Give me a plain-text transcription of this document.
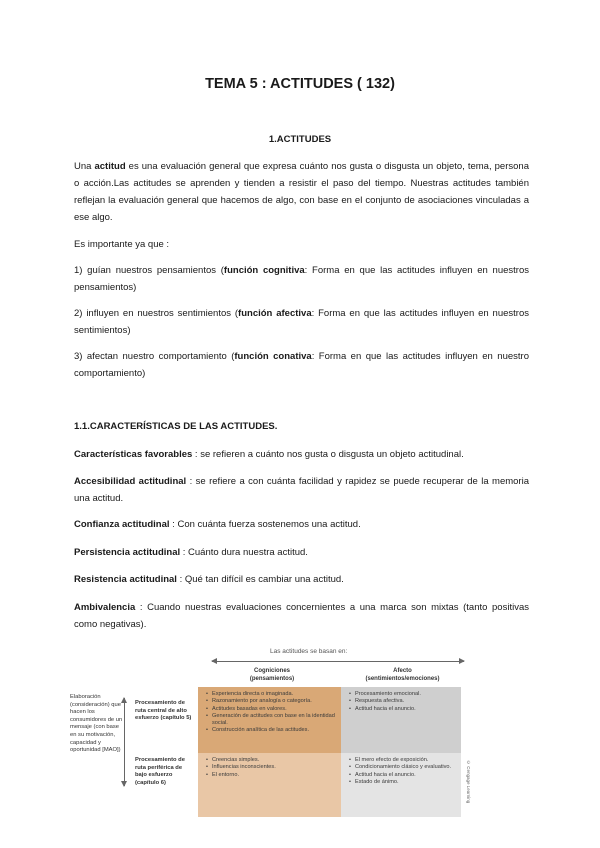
TEMA 5 : ACTITUDES ( 132)
1.ACTITUDES
Una actitud es una evaluación general que expresa cuánto nos gusta o disgusta un objeto, tema, persona o acción.Las actitudes se aprenden y tienden a resistir el paso del tiempo. Nuestras actitudes también reflejan la evaluación general que hacemos de algo, con base en el conjunto de asociaciones vinculadas a ese algo.
Es importante ya que :
1) guían nuestros pensamientos (función cognitiva: Forma en que las actitudes influyen en nuestros pensamientos)
2) influyen en nuestros sentimientos (función afectiva: Forma en que las actitudes influyen en nuestros sentimientos)
3) afectan nuestro comportamiento (función conativa: Forma en que las actitudes influyen en nuestro comportamiento)
1.1.CARACTERÍSTICAS DE LAS ACTITUDES.
Características favorables : se refieren a cuánto nos gusta o disgusta un objeto actitudinal.
Accesibilidad actitudinal : se refiere a con cuánta facilidad y rapidez se puede recuperar de la memoria una actitud.
Confianza actitudinal : Con cuánta fuerza sostenemos una actitud.
Persistencia actitudinal : Cuánto dura nuestra actitud.
Resistencia actitudinal : Qué tan difícil es cambiar una actitud.
Ambivalencia : Cuando nuestras evaluaciones concernientes a una marca son mixtas (tanto positivas como negativas).
Las actitudes se basan en:
Cogniciones
(pensamientos)
Afecto
(sentimientos/emociones)
Elaboración (consideración) que hacen los consumidores de un mensaje (con base en su motivación, capacidad y oportunidad [MAO])
Procesamiento de ruta central de alto esfuerzo (capítulo 5)
Procesamiento de ruta periférica de bajo esfuerzo (capítulo 6)
• Experiencia directa o imaginada.
• Razonamiento por analogía o categoría.
• Actitudes basadas en valores.
• Generación de actitudes con base en la identidad social.
• Construcción analítica de las actitudes.
• Procesamiento emocional.
• Respuesta afectiva.
• Actitud hacia el anuncio.
• Creencias simples.
• Influencias inconscientes.
• El entorno.
• El mero efecto de exposición.
• Condicionamiento clásico y evaluativo.
• Actitud hacia el anuncio.
• Estado de ánimo.	© Cengage Learning
